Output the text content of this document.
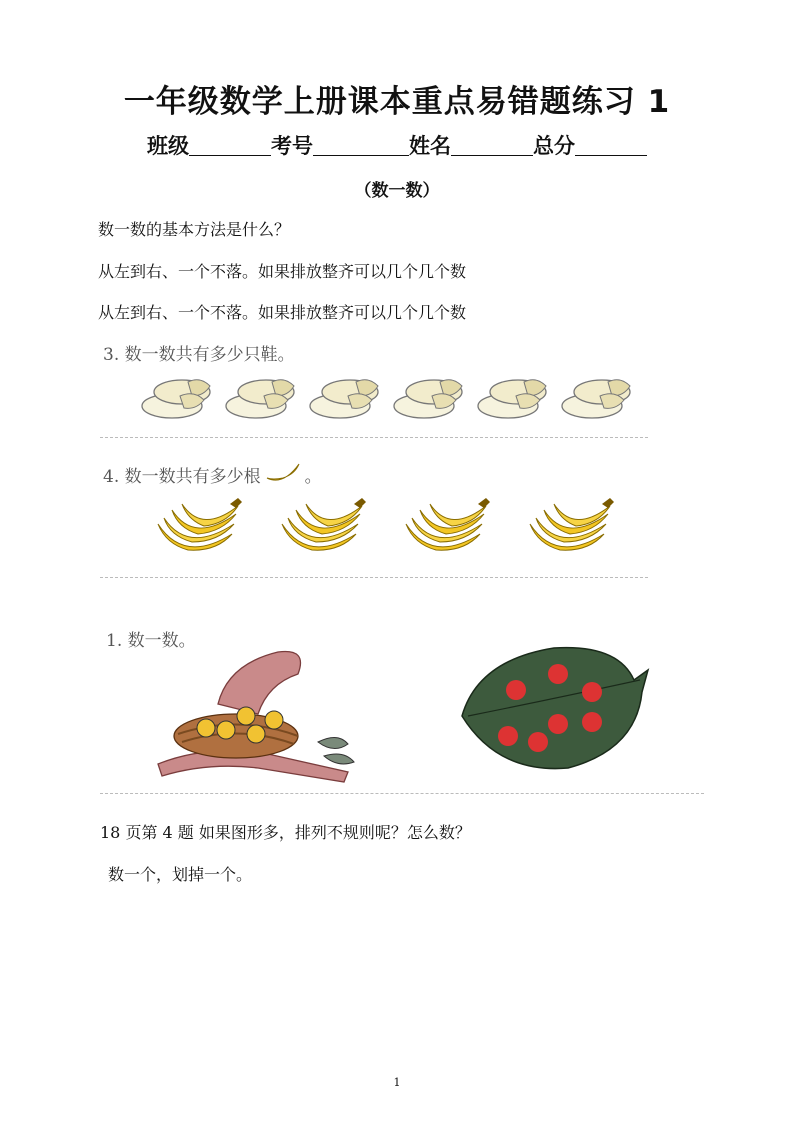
一年级数学上册课本重点易错题练习 1
班级	考号	姓名	总分
（数一数）
数一数的基本方法是什么？
从左到右、一个不落。如果排放整齐可以几个几个数
从左到右、一个不落。如果排放整齐可以几个几个数
3. 数一数共有多少只鞋。
4. 数一数共有多少根	。
1. 数一数。
18 页第 4 题 如果图形多，排列不规则呢？怎么数？
数一个，划掉一个。
1
